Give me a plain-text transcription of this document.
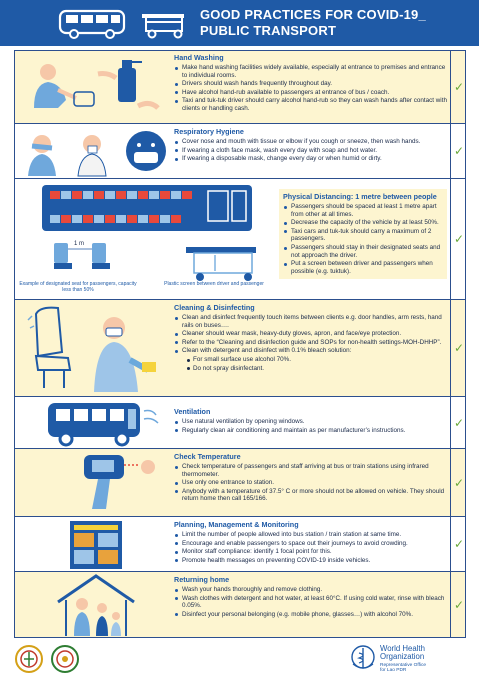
GOOD PRACTICES FOR COVID-19_
PUBLIC TRANSPORT
Hand Washing
Make hand washing facilities widely available, especially at entrance to premises and entrance to individual rooms.
Drivers should wash hands frequently throughout day.
Have alcohol hand-rub available to passengers at entrance of bus / coach.
Taxi and tuk-tuk driver should carry alcohol hand-rub so they can wash hands after contact with clients or handling cash.
✓
Respiratory Hygiene
Cover nose and mouth with tissue or elbow if you cough or sneeze, then wash hands.
If wearing a cloth face mask, wash every day with soap and hot water.
If wearing a disposable mask, change every day or when humid or dirty.
✓
1 m
Example of designated seat for passengers, capacity less than 50%
Plastic screen between driver and passenger
Physical Distancing: 1 metre between people
Passengers should be spaced at least 1 metre apart from other at all times.
Decrease the capacity of the vehicle by at least 50%.
Taxi cars and tuk-tuk should carry a maximum of 2 passengers.
Passengers should stay in their designated seats and not approach the driver.
Put a screen between driver and passengers when possible (e.g. tuktuk).
✓
Cleaning & Disinfecting
Clean and disinfect frequently touch items between clients e.g. door handles, arm rests, hand rails on buses….
Cleaner should wear mask, heavy-duty gloves, apron, and face/eye protection.
Refer to the “Cleaning and disinfection guide and SOPs for non-health settings-MOH-DHHP”.
Clean with detergent and disinfect with 0.1% bleach solution:
For small surface use alcohol 70%.
Do not spray disinfectant.
✓
Ventilation
Use natural ventilation by opening windows.
Regularly clean air conditioning and maintain as per manufacturer’s instructions.
✓
Check Temperature
Check temperature of passengers and staff arriving at bus or train stations using infrared thermometer.
Use only one entrance to station.
Anybody with a temperature of 37.5° C or more should not be allowed on vehicle. They should return home then call 165/166.
✓
Planning, Management & Monitoring
Limit the number of people allowed into bus station / train station at same time.
Encourage and enable passengers to space out their journeys to avoid crowding.
Monitor staff compliance: identify 1 focal point for this.
Promote health messages on preventing COVID-19 inside vehicles.
✓
Returning home
Wash your hands thoroughly and remove clothing.
Wash clothes with detergent and hot water, at least 60°C. If using cold water, rinse with bleach 0.05%.
Disinfect your personal belonging (e.g. mobile phone, glasses…) with alcohol 70%.
✓
World Health
Organization
Representative Office
for Lao PDR
